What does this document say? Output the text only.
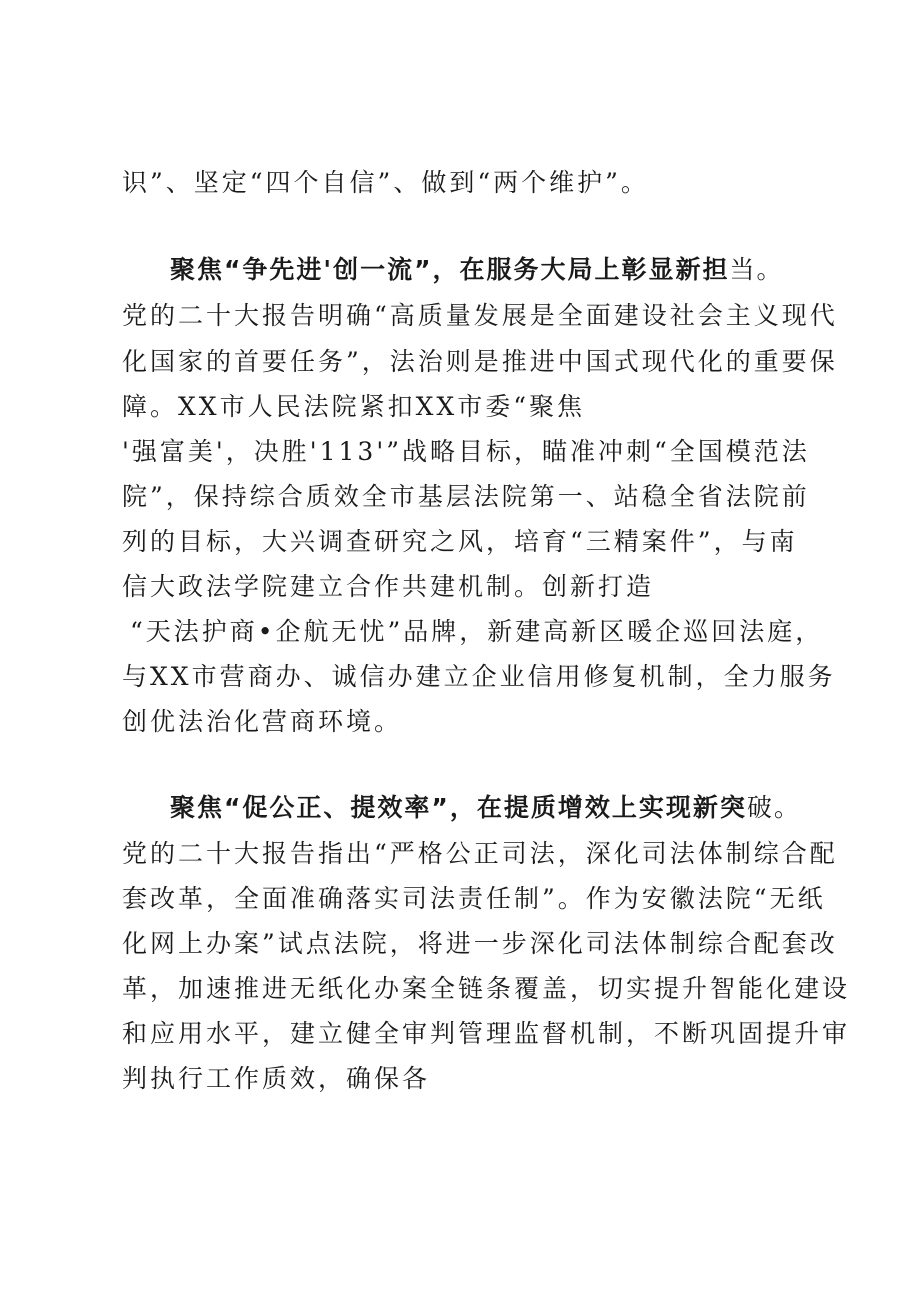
识”、坚定“四个自信”、做到“两个维护”。
聚焦“争先进'创一流”，在服务大局上彰显新担当。
党的二十大报告明确“高质量发展是全面建设社会主义现代
化国家的首要任务”，法治则是推进中国式现代化的重要保
障。XX市人民法院紧扣XX市委“聚焦
'强富美'，决胜'113'”战略目标，瞄准冲刺“全国模范法
院”，保持综合质效全市基层法院第一、站稳全省法院前
列的目标，大兴调查研究之风，培育“三精案件”，与南
信大政法学院建立合作共建机制。创新打造
“天法护商•企航无忧”品牌，新建高新区暖企巡回法庭，
与XX市营商办、诚信办建立企业信用修复机制，全力服务
创优法治化营商环境。
聚焦“促公正、提效率”，在提质增效上实现新突破。
党的二十大报告指出“严格公正司法，深化司法体制综合配
套改革，全面准确落实司法责任制”。作为安徽法院“无纸
化网上办案”试点法院，将进一步深化司法体制综合配套改
革，加速推进无纸化办案全链条覆盖，切实提升智能化建设
和应用水平，建立健全审判管理监督机制，不断巩固提升审
判执行工作质效，确保各
